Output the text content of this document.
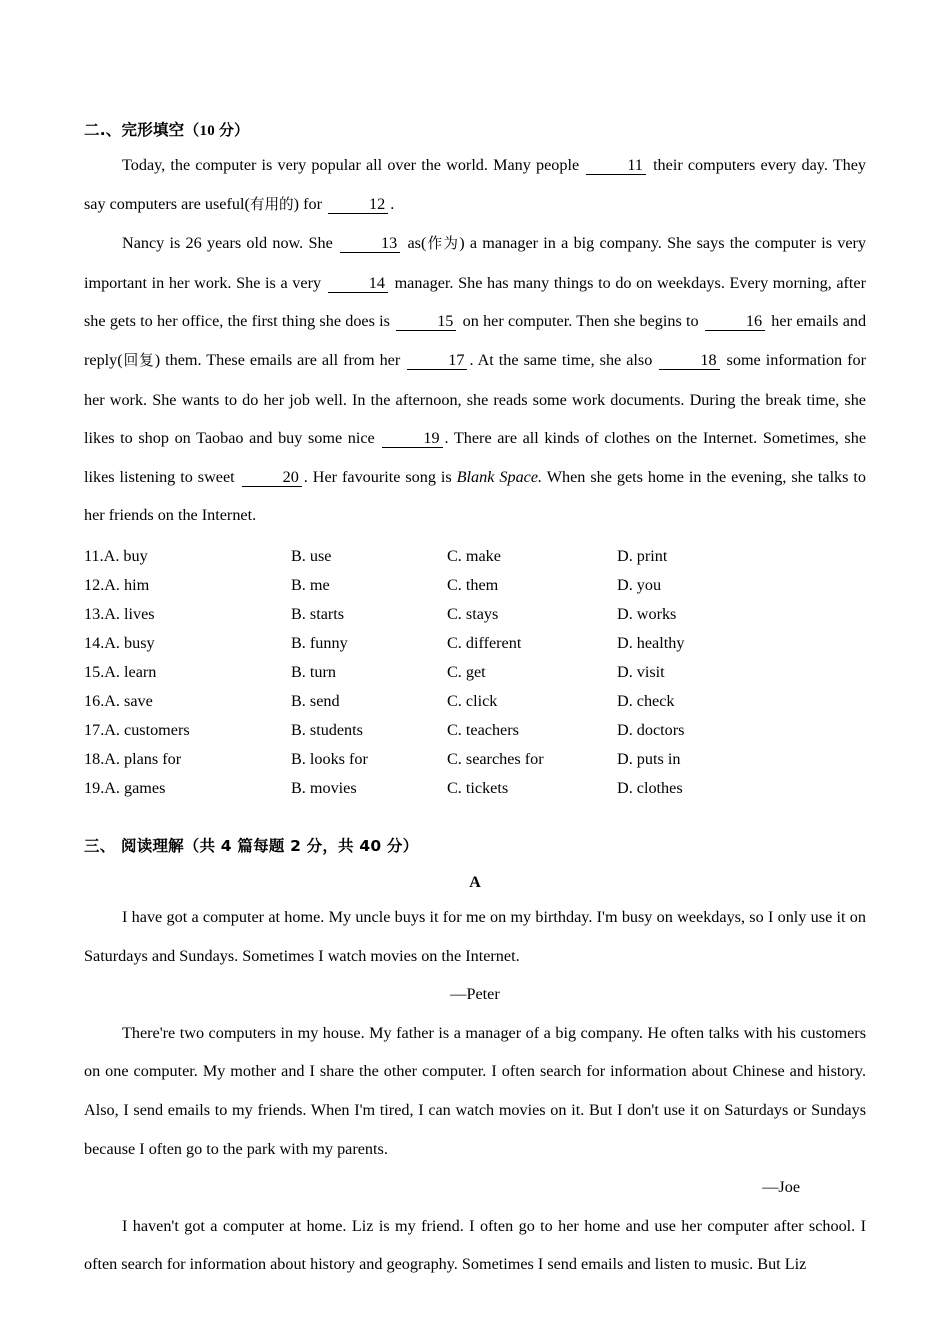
二.、完形填空（10 分）

Today, the computer is very popular all over the world. Many people	11 their computers every day. They say computers are useful(有用的) for	12 .

Nancy is 26 years old now. She	13 as(作为) a manager in a big company. She says the computer is very important in her work. She is a very	14 manager. She has many things to do on weekdays. Every morning, after she gets to her office, the first thing she does is	15 on her computer. Then she begins to	16 her emails and reply(回复) them. These emails are all from her	17 . At the same time, she also	18 some information for her work. She wants to do her job well. In the afternoon, she reads some work documents. During the break time, she likes to shop on Taobao and buy some nice	19 . There are all kinds of clothes on the Internet. Sometimes, she likes listening to sweet	20 . Her favourite song is Blank Space. When she gets home in the evening, she talks to her friends on the Internet.

11.A. buy	B. use	C. make	D. print
12.A. him	B. me	C. them	D. you
13.A. lives	B. starts	C. stays	D. works
14.A. busy	B. funny	C. different	D. healthy
15.A. learn	B. turn	C. get	D. visit
16.A. save	B. send	C. click	D. check
17.A. customers	B. students	C. teachers	D. doctors
18.A. plans for	B. looks for	C. searches for	D. puts in
19.A. games	B. movies	C. tickets	D. clothes
三、 阅读理解（共 4 篇每题 2 分，共 40 分）
A

I have got a computer at home. My uncle buys it for me on my birthday. I'm busy on weekdays, so I only use it on Saturdays and Sundays. Sometimes I watch movies on the Internet.

—Peter

There're two computers in my house. My father is a manager of a big company. He often talks with his customers on one computer. My mother and I share the other computer. I often search for information about Chinese and history. Also, I send emails to my friends. When I'm tired, I can watch movies on it. But I don't use it on Saturdays or Sundays because I often go to the park with my parents.

—Joe

I haven't got a computer at home. Liz is my friend. I often go to her home and use her computer after school. I often search for information about history and geography. Sometimes I send emails and listen to music. But Liz
